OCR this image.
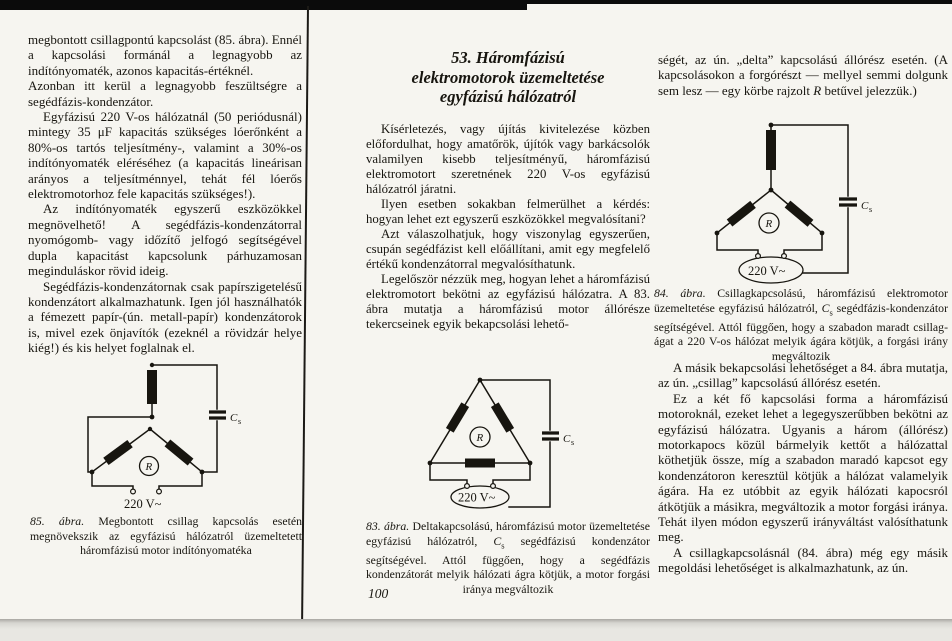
megbontott csillagpontú kapcsolást (85. ábra). Ennél a kapcsolási formánál a legnagyobb az indítónyomaték, azonos kapacitás-értéknél.

Azonban itt kerül a legnagyobb feszültségre a segédfázis-kondenzátor.

Egyfázisú 220 V-os hálózatnál (50 periódusnál) mintegy 35 μF kapacitás szükséges lóerőnként a 80%-os tartós teljesítmény-, valamint a 30%-os indítónyomaték eléréséhez (a kapacitás lineárisan arányos a teljesítménnyel, tehát fél lóerős elektromotorhoz fele kapacitás szükséges!).

Az indítónyomaték egyszerű eszközökkel megnövelhető! A segédfázis-kondenzátorral nyomógomb- vagy időzítő jelfogó segítségével dupla kapacitást kapcsolunk párhuzamosan meginduláskor rövid ideig.

Segédfázis-kondenzátornak csak papírszigetelésű kondenzátort alkalmazhatunk. Igen jól használhatók a fémezett papír-(ún. metall-papír) kondenzátorok is, mivel ezek önjavítók (ezeknél a rövidzár helye kiég!) és kis helyet foglalnak el.

C s
R
220 V~
85. ábra. Megbontott csillag kapcsolás esetén megnövekszik az egyfázisú hálózatról üzemeltetett háromfázisú motor indítónyomatéka
53. Háromfázisú
elektromotorok üzemeltetése
egyfázisú hálózatról

Kísérletezés, vagy újítás kivitelezése közben előfordulhat, hogy amatőrök, újítók vagy barkácsolók valamilyen kisebb teljesítményű, háromfázisú elektromotort szeretnének 220 V-os egyfázisú hálózatról járatni.

Ilyen esetben sokakban felmerülhet a kérdés: hogyan lehet ezt egyszerű eszközökkel megvalósítani?

Azt válaszolhatjuk, hogy viszonylag egyszerűen, csupán segédfázist kell előállítani, amit egy megfelelő értékű kondenzátorral megvalósíthatunk.

Legelőször nézzük meg, hogyan lehet a háromfázisú elektromotort bekötni az egyfázisú hálózatra. A 83. ábra mutatja a háromfázisú motor állórésze tekercseinek egyik bekapcsolási lehető-

C s
R
220 V~
83. ábra. Deltakapcsolású, háromfázisú motor üzemeltetése egyfázisú hálózatról, $C_s$ segédfázisú kondenzátor segítségével. Attól függően, hogy a segédfázis kondenzátorát melyik hálózati ágra kötjük, a motor forgási iránya megváltozik
100

ségét, az ún. „delta” kapcsolású állórész esetén. (A kapcsolásokon a forgórészt — mellyel semmi dolgunk sem lesz — egy körbe rajzolt R betűvel jelezzük.)

C s
R
220 V~
84. ábra. Csillagkapcsolású, háromfázisú elektromotor üzemeltetése egyfázisú hálózatról, $C_s$ segédfázis-kondenzátor segítségével. Attól függően, hogy a szabadon maradt csillag-ágat a 220 V-os hálózat melyik ágára kötjük, a forgási irány megváltozik

A másik bekapcsolási lehetőséget a 84. ábra mutatja, az ún. „csillag” kapcsolású állórész esetén.

Ez a két fő kapcsolási forma a háromfázisú motoroknál, ezeket lehet a legegyszerűbben bekötni az egyfázisú hálózatra. Ugyanis a három (állórész) motorkapocs közül bármelyik kettőt a hálózattal köthetjük össze, míg a szabadon maradó kapcsot egy kondenzátoron keresztül kötjük a hálózat valamelyik ágára. Ha ez utóbbit az egyik hálózati kapocsról átkötjük a másikra, megváltozik a motor forgási iránya. Tehát ilyen módon egyszerű irányváltást valósíthatunk meg.

A csillagkapcsolásnál (84. ábra) még egy másik megoldási lehetőséget is alkalmazhatunk, az ún.
